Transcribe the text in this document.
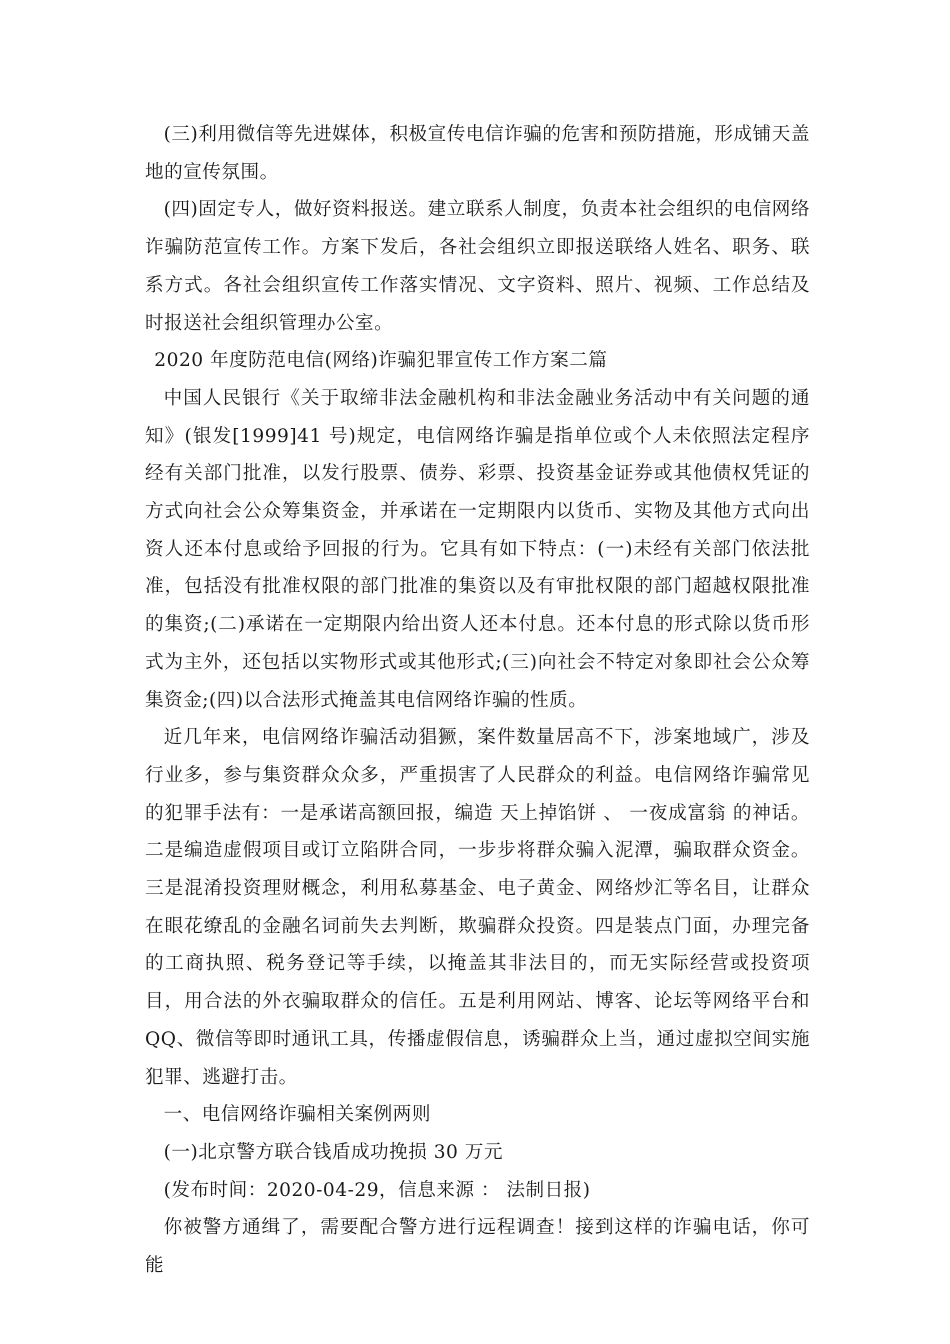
(三)利用微信等先进媒体，积极宣传电信诈骗的危害和预防措施，形成铺天盖地的宣传氛围。

(四)固定专人，做好资料报送。建立联系人制度，负责本社会组织的电信网络诈骗防范宣传工作。方案下发后，各社会组织立即报送联络人姓名、职务、联系方式。各社会组织宣传工作落实情况、文字资料、照片、视频、工作总结及时报送社会组织管理办公室。

2020 年度防范电信(网络)诈骗犯罪宣传工作方案二篇

中国人民银行《关于取缔非法金融机构和非法金融业务活动中有关问题的通知》(银发[1999]41 号)规定，电信网络诈骗是指单位或个人未依照法定程序经有关部门批准，以发行股票、债券、彩票、投资基金证券或其他债权凭证的方式向社会公众筹集资金，并承诺在一定期限内以货币、实物及其他方式向出资人还本付息或给予回报的行为。它具有如下特点：(一)未经有关部门依法批准，包括没有批准权限的部门批准的集资以及有审批权限的部门超越权限批准的集资;(二)承诺在一定期限内给出资人还本付息。还本付息的形式除以货币形式为主外，还包括以实物形式或其他形式;(三)向社会不特定对象即社会公众筹集资金;(四)以合法形式掩盖其电信网络诈骗的性质。

近几年来，电信网络诈骗活动猖獗，案件数量居高不下，涉案地域广，涉及行业多，参与集资群众众多，严重损害了人民群众的利益。电信网络诈骗常见的犯罪手法有：一是承诺高额回报，编造 天上掉馅饼 、 一夜成富翁 的神话。二是编造虚假项目或订立陷阱合同，一步步将群众骗入泥潭，骗取群众资金。三是混淆投资理财概念，利用私募基金、电子黄金、网络炒汇等名目，让群众在眼花缭乱的金融名词前失去判断，欺骗群众投资。四是装点门面，办理完备的工商执照、税务登记等手续，以掩盖其非法目的，而无实际经营或投资项目，用合法的外衣骗取群众的信任。五是利用网站、博客、论坛等网络平台和 QQ、微信等即时通讯工具，传播虚假信息，诱骗群众上当，通过虚拟空间实施犯罪、逃避打击。

一、电信网络诈骗相关案例两则

(一)北京警方联合钱盾成功挽损 30 万元

(发布时间：2020-04-29，信息来源 ： 法制日报)

你被警方通缉了，需要配合警方进行远程调查！接到这样的诈骗电话，你可能
